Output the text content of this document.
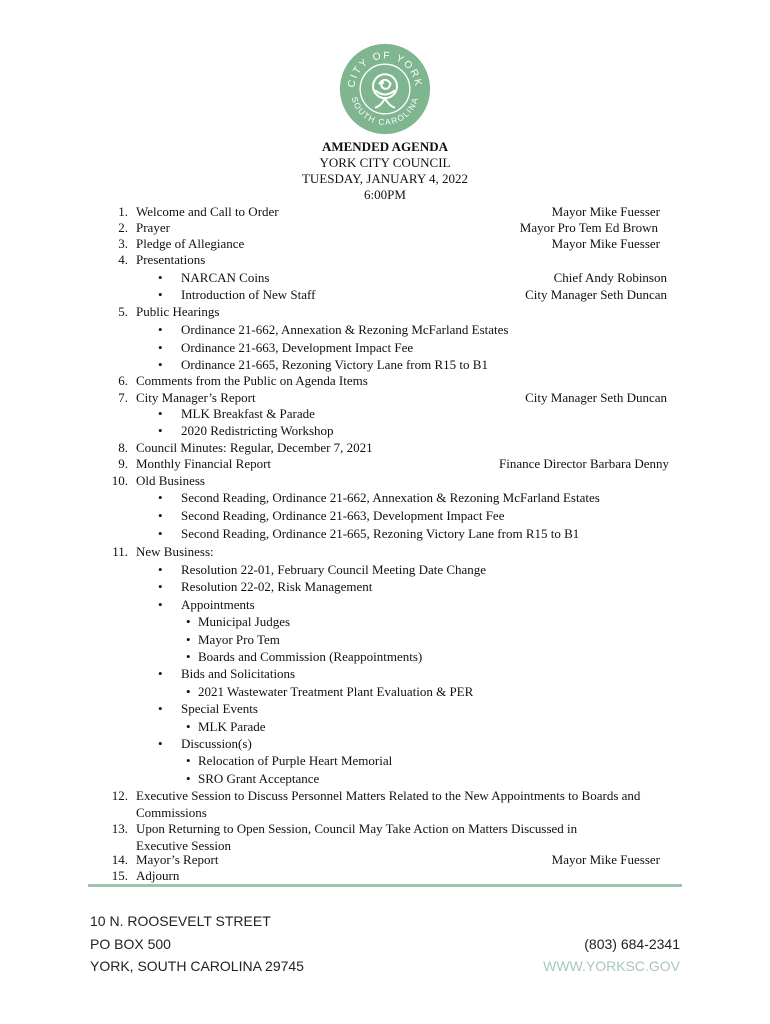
CITY OF YORK
SOUTH CAROLINA
AMENDED AGENDA
YORK CITY COUNCIL
TUESDAY, JANUARY 4, 2022
6:00PM
1. Welcome and Call to Order	Mayor Mike Fuesser
2. Prayer	Mayor Pro Tem Ed Brown
3. Pledge of Allegiance	Mayor Mike Fuesser
4. Presentations
• NARCAN Coins	Chief Andy Robinson
• Introduction of New Staff	City Manager Seth Duncan
5. Public Hearings
• Ordinance 21-662, Annexation & Rezoning McFarland Estates
• Ordinance 21-663, Development Impact Fee
• Ordinance 21-665, Rezoning Victory Lane from R15 to B1
6. Comments from the Public on Agenda Items
7. City Manager’s Report	City Manager Seth Duncan
• MLK Breakfast & Parade
• 2020 Redistricting Workshop
8. Council Minutes: Regular, December 7, 2021
9. Monthly Financial Report	Finance Director Barbara Denny
10. Old Business
• Second Reading, Ordinance 21-662, Annexation & Rezoning McFarland Estates
• Second Reading, Ordinance 21-663, Development Impact Fee
• Second Reading, Ordinance 21-665, Rezoning Victory Lane from R15 to B1
11. New Business:
• Resolution 22-01, February Council Meeting Date Change
• Resolution 22-02, Risk Management
• Appointments
• Municipal Judges
• Mayor Pro Tem
• Boards and Commission (Reappointments)
• Bids and Solicitations
• 2021 Wastewater Treatment Plant Evaluation & PER
• Special Events
• MLK Parade
• Discussion(s)
• Relocation of Purple Heart Memorial
• SRO Grant Acceptance
12. Executive Session to Discuss Personnel Matters Related to the New Appointments to Boards and
Commissions
13. Upon Returning to Open Session, Council May Take Action on Matters Discussed in
Executive Session
14. Mayor’s Report	Mayor Mike Fuesser
15. Adjourn
10 N. ROOSEVELT STREET
PO BOX 500
YORK, SOUTH CAROLINA 29745
(803) 684-2341
WWW.YORKSC.GOV
